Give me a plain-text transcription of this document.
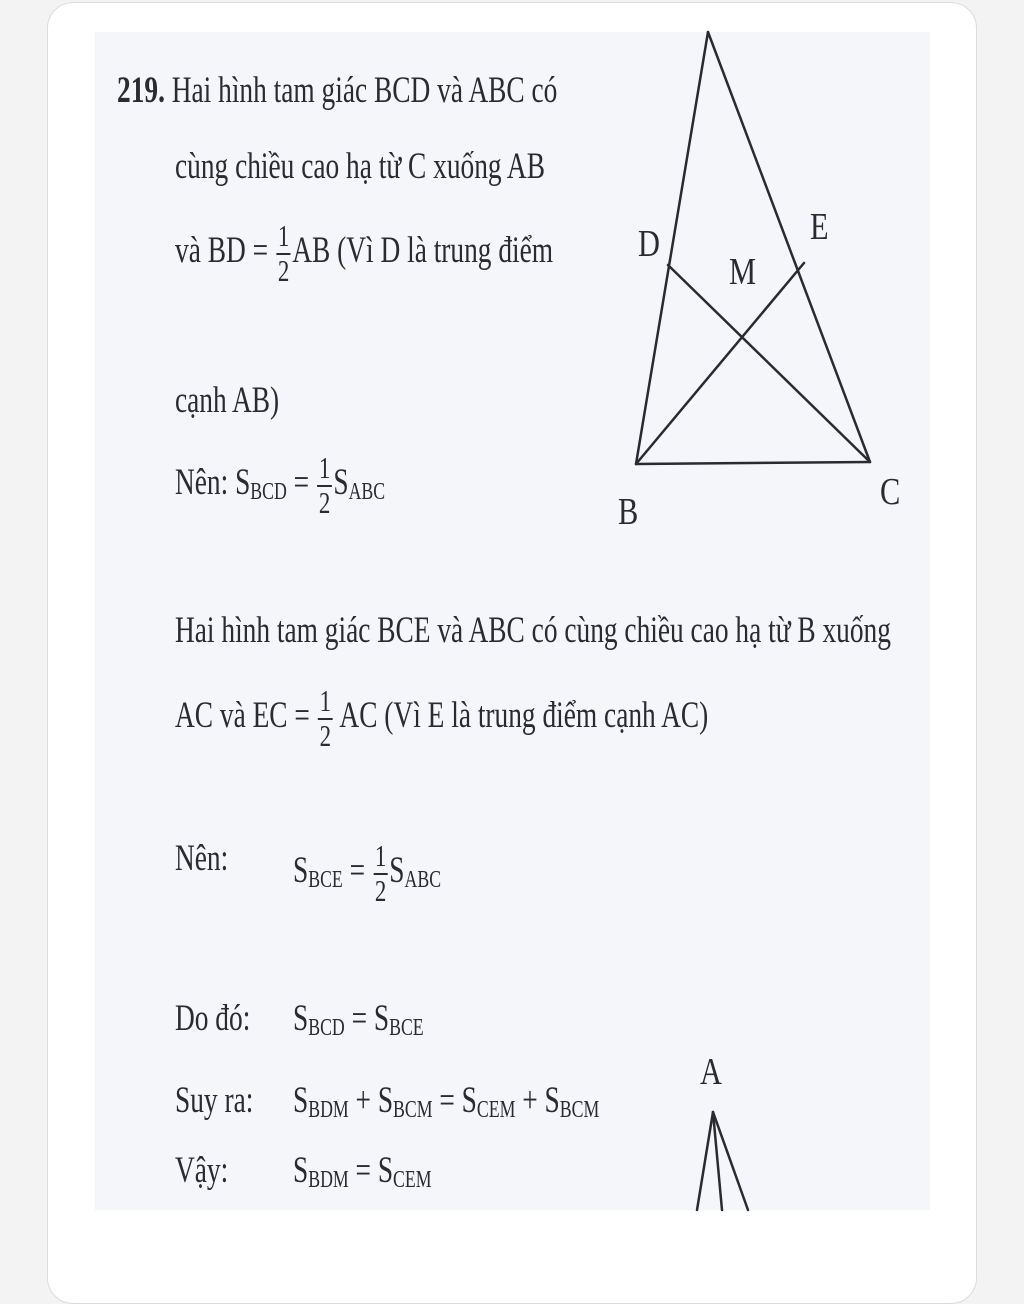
219. Hai hình tam giác BCD và ABC có
cùng chiều cao hạ từ C xuống AB
và BD = $\frac{1}{2}$ AB (Vì D là trung điểm
cạnh AB)
Nên: $S_{BCD} = \frac{1}{2} S_{ABC}$
Hai hình tam giác BCE và ABC có cùng chiều cao hạ từ B xuống
AC và EC = $\frac{1}{2}$ AC (Vì E là trung điểm cạnh AC)
Nên: $S_{BCE} = \frac{1}{2} S_{ABC}$
Do đó: $S_{BCD} = S_{BCE}$
Suy ra: $S_{BDM} + S_{BCM} = S_{CEM} + S_{BCM}$
Vậy: $S_{BDM} = S_{CEM}$
D	E
M
B	C
A
